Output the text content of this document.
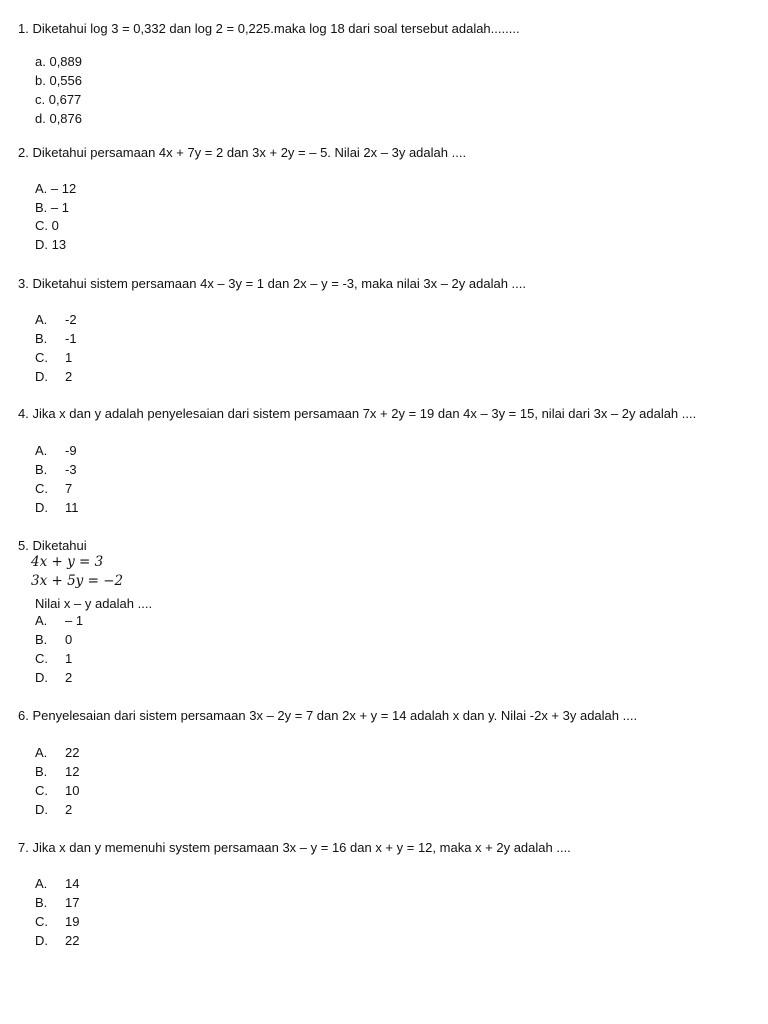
1. Diketahui log 3 = 0,332 dan log 2 = 0,225.maka log 18 dari soal tersebut adalah........
a. 0,889
b. 0,556
c. 0,677
d. 0,876
2. Diketahui persamaan 4x + 7y = 2 dan 3x + 2y = – 5. Nilai 2x – 3y adalah ....
A. – 12
B. – 1
C. 0
D. 13
3. Diketahui sistem persamaan 4x – 3y = 1 dan 2x – y = -3, maka nilai 3x – 2y adalah ....
A. -2
B. -1
C. 1
D. 2
4. Jika x dan y adalah penyelesaian dari sistem persamaan 7x + 2y = 19 dan 4x – 3y = 15, nilai dari 3x – 2y adalah ....
A. -9
B. -3
C. 7
D. 11
5. Diketahui
4x + y = 3
3x + 5y = −2
Nilai x – y adalah ....
A. – 1
B. 0
C. 1
D. 2
6. Penyelesaian dari sistem persamaan 3x – 2y = 7 dan 2x + y = 14 adalah x dan y. Nilai -2x + 3y adalah ....
A. 22
B. 12
C. 10
D. 2
7. Jika x dan y memenuhi system persamaan 3x – y = 16 dan x + y = 12, maka x + 2y adalah ....
A. 14
B. 17
C. 19
D. 22
